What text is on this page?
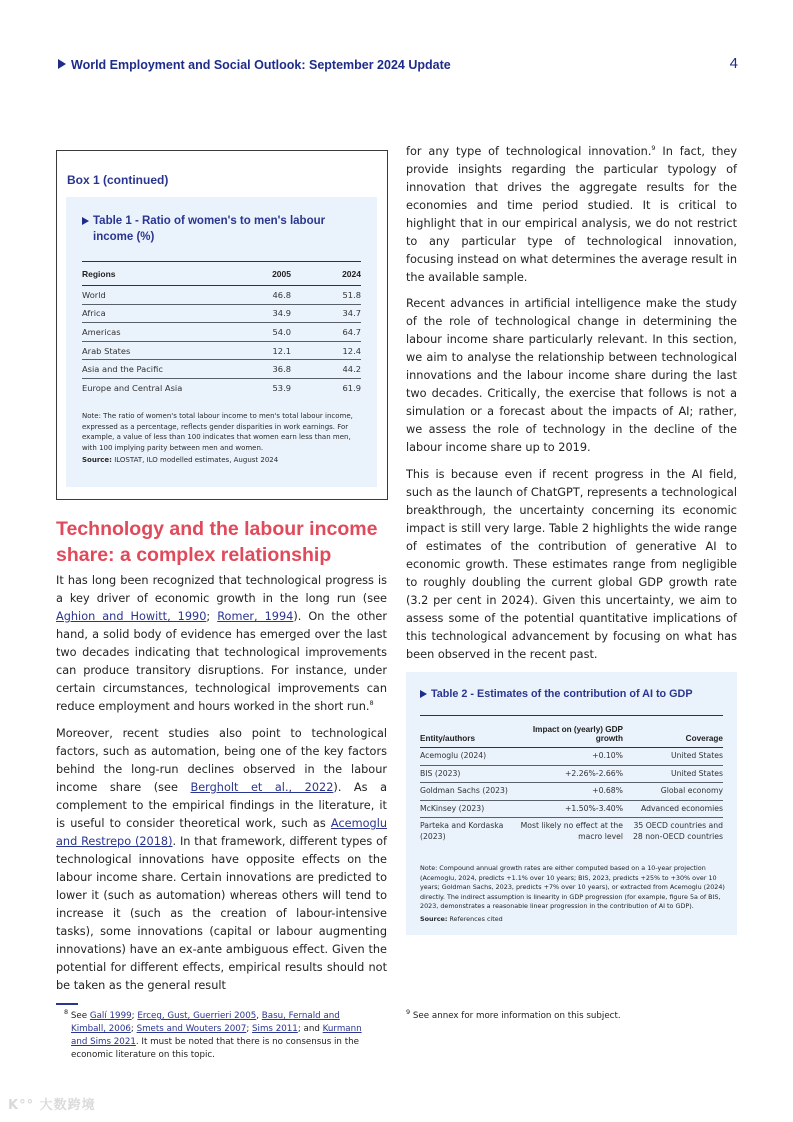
World Employment and Social Outlook: September 2024 Update	4
Box 1 (continued)
Table 1 - Ratio of women's to men's labour income (%)
Regions	2005	2024
World	46.8	51.8
Africa	34.9	34.7
Americas	54.0	64.7
Arab States	12.1	12.4
Asia and the Pacific	36.8	44.2
Europe and Central Asia	53.9	61.9

Note: The ratio of women's total labour income to men's total labour income, expressed as a percentage, reflects gender disparities in work earnings. For example, a value of less than 100 indicates that women earn less than men, with 100 implying parity between men and women.

Source: ILOSTAT, ILO modelled estimates, August 2024

Technology and the labour income share: a complex relationship

It has long been recognized that technological progress is a key driver of economic growth in the long run (see Aghion and Howitt, 1990; Romer, 1994). On the other hand, a solid body of evidence has emerged over the last two decades indicating that technological improvements can produce transitory disruptions. For instance, under certain circumstances, technological improvements can reduce employment and hours worked in the short run.$^8$

Moreover, recent studies also point to technological factors, such as automation, being one of the key factors behind the long-run declines observed in the labour income share (see Bergholt et al., 2022). As a complement to the empirical findings in the literature, it is useful to consider theoretical work, such as Acemoglu and Restrepo (2018). In that framework, different types of technological innovations have opposite effects on the labour income share. Certain innovations are predicted to lower it (such as automation) whereas others will tend to increase it (such as the creation of labour-intensive tasks), some innovations (capital or labour augmenting innovations) have an ex-ante ambiguous effect. Given the potential for different effects, empirical results should not be taken as the general result

for any type of technological innovation.$^9$ In fact, they provide insights regarding the particular typology of innovation that drives the aggregate results for the economies and time period studied. It is critical to highlight that in our empirical analysis, we do not restrict to any particular type of technological innovation, focusing instead on what determines the average result in the available sample.

Recent advances in artificial intelligence make the study of the role of technological change in determining the labour income share particularly relevant. In this section, we aim to analyse the relationship between technological innovations and the labour income share during the last two decades. Critically, the exercise that follows is not a simulation or a forecast about the impacts of AI; rather, we assess the role of technology in the decline of the labour income share up to 2019.

This is because even if recent progress in the AI field, such as the launch of ChatGPT, represents a technological breakthrough, the uncertainty concerning its economic impact is still very large. Table 2 highlights the wide range of estimates of the contribution of generative AI to economic growth. These estimates range from negligible to roughly doubling the current global GDP growth rate (3.2 per cent in 2024). Given this uncertainty, we aim to assess some of the potential quantitative implications of this technological advancement by focusing on what has been observed in the recent past.

Table 2 - Estimates of the contribution of AI to GDP
Entity/authors	Impact on (yearly) GDP growth	Coverage
Acemoglu (2024)	+0.10%	United States
BIS (2023)	+2.26%-2.66%	United States
Goldman Sachs (2023)	+0.68%	Global economy
McKinsey (2023)	+1.50%-3.40%	Advanced economies
Parteka and Kordaska (2023)	Most likely no effect at the macro level	35 OECD countries and 28 non-OECD countries

Note: Compound annual growth rates are either computed based on a 10-year projection (Acemoglu, 2024, predicts +1.1% over 10 years; BIS, 2023, predicts +25% to +30% over 10 years; Goldman Sachs, 2023, predicts +7% over 10 years), or extracted from Acemoglu (2024) directly. The indirect assumption is linearity in GDP progression (for example, figure 5a of BIS, 2023, demonstrates a reasonable linear progression in the contribution of AI to GDP).

Source: References cited

$^8$ See Galí 1999; Erceg, Gust, Guerrieri 2005, Basu, Fernald and Kimball, 2006; Smets and Wouters 2007; Sims 2011; and Kurmann and Sims 2021. It must be noted that there is no consensus in the economic literature on this topic.

$^9$ See annex for more information on this subject.

K°° 大数跨境
